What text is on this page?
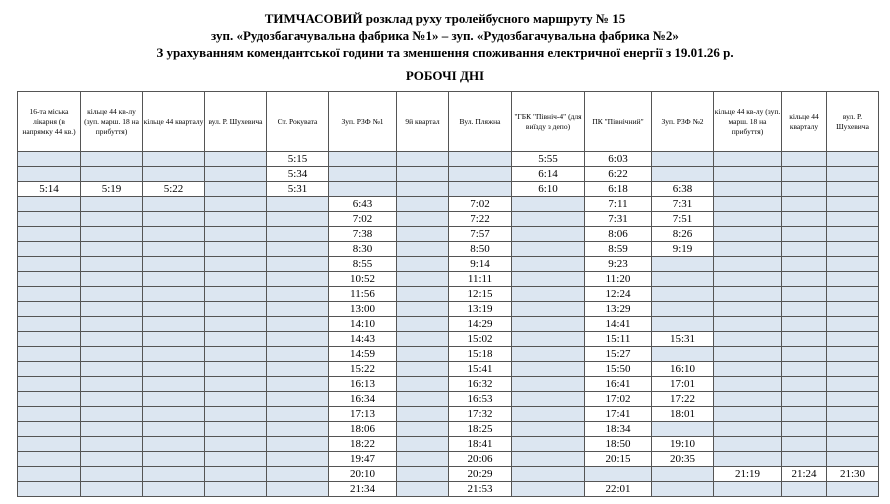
ТИМЧАСОВИЙ розклад руху тролейбусного маршруту № 15
зуп. «Рудозбагачувальна фабрика №1» – зуп. «Рудозбагачувальна фабрика №2»
З урахуванням комендантської години та зменшення споживання електричної енергії з 19.01.26 р.
РОБОЧІ ДНІ
16-та міська лікарня (в напрямку 44 кв.)	кільце 44 кв-лу (зуп. марш. 18 на прибуття)	кільце 44 кварталу	вул. Р. Шухевича	Ст. Рокувата	Зуп. РЗФ №1	9й квартал	Вул. Пляжна	"ГБК "Північ-4" (для виїзду з депо)	ПК "Північний"	Зуп. РЗФ №2	кільце 44 кв-лу (зуп. марш. 18 на прибуття)	кільце 44 кварталу	вул. Р. Шухевича
				5:15				5:55	6:03				
				5:34				6:14	6:22				
5:14	5:19	5:22		5:31				6:10	6:18	6:38			
					6:43		7:02		7:11	7:31			
					7:02		7:22		7:31	7:51			
					7:38		7:57		8:06	8:26			
					8:30		8:50		8:59	9:19			
					8:55		9:14		9:23				
					10:52		11:11		11:20				
					11:56		12:15		12:24				
					13:00		13:19		13:29				
					14:10		14:29		14:41				
					14:43		15:02		15:11	15:31			
					14:59		15:18		15:27				
					15:22		15:41		15:50	16:10			
					16:13		16:32		16:41	17:01			
					16:34		16:53		17:02	17:22			
					17:13		17:32		17:41	18:01			
					18:06		18:25		18:34				
					18:22		18:41		18:50	19:10			
					19:47		20:06		20:15	20:35			
					20:10		20:29				21:19	21:24	21:30
					21:34		21:53		22:01				
